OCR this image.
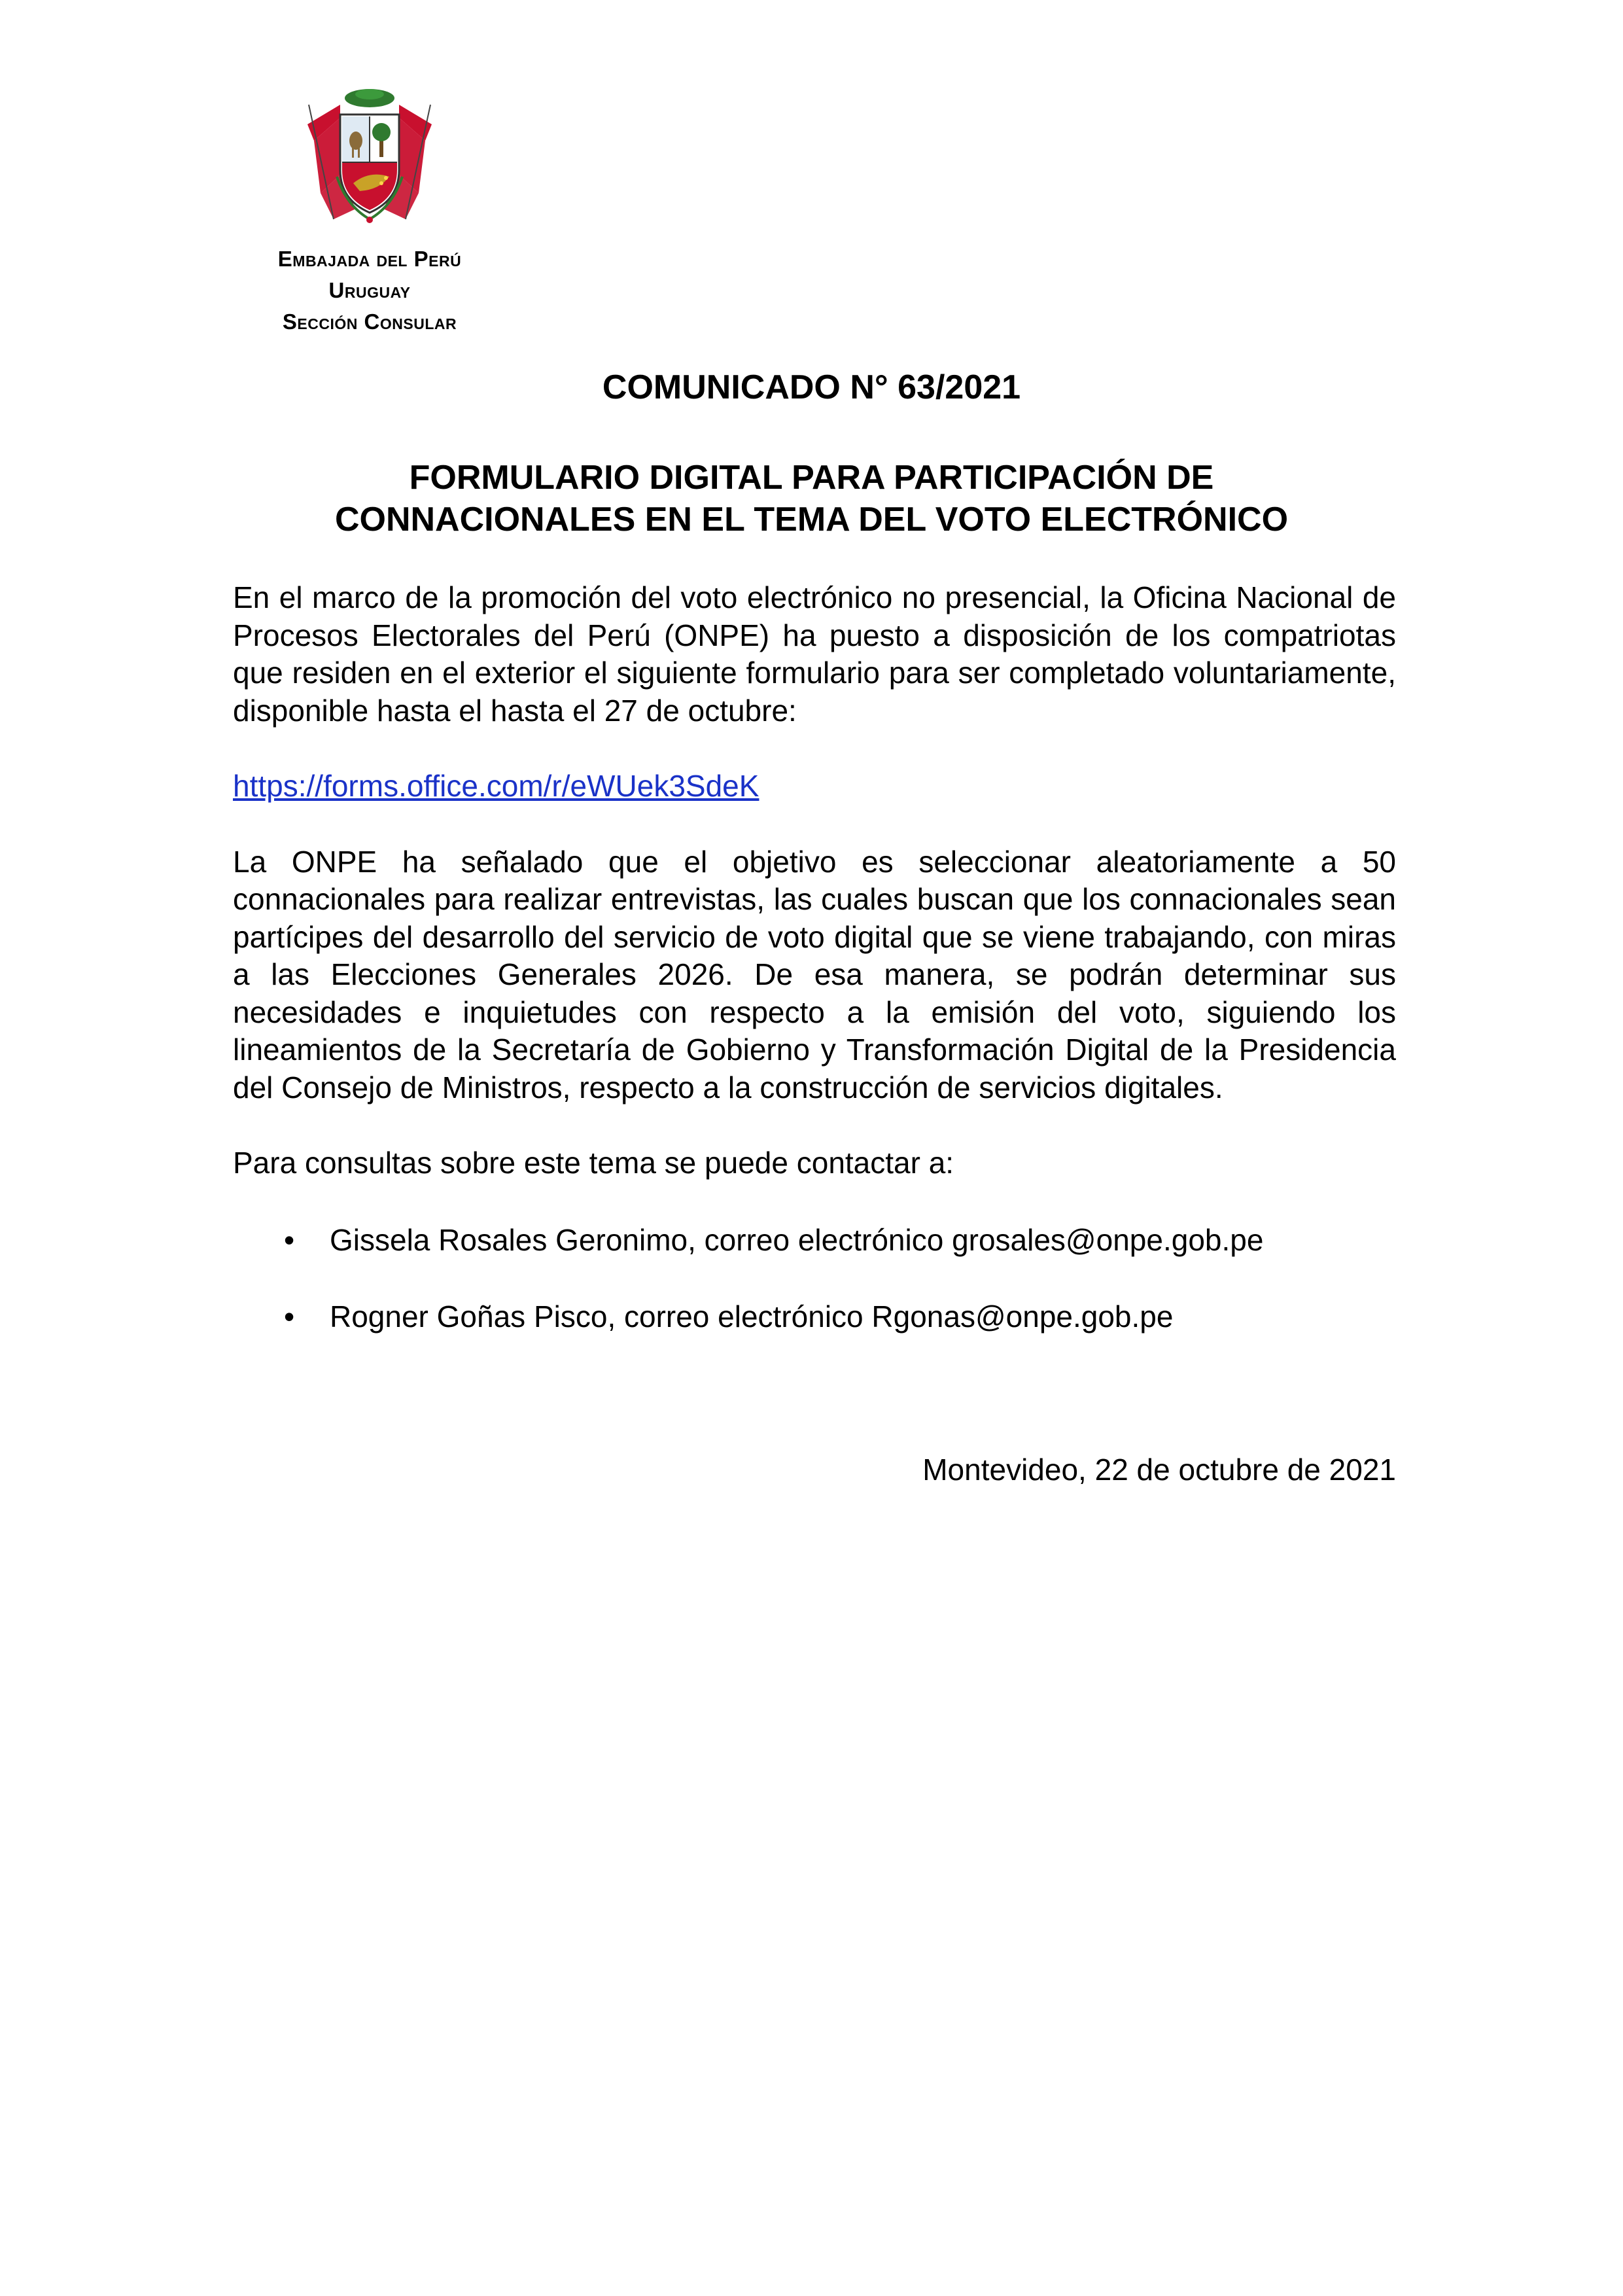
Embajada del Perú
Uruguay
Sección Consular
COMUNICADO N° 63/2021
FORMULARIO DIGITAL PARA PARTICIPACIÓN DE
CONNACIONALES EN EL TEMA DEL VOTO ELECTRÓNICO

En el marco de la promoción del voto electrónico no presencial, la Oficina Nacional de Procesos Electorales del Perú (ONPE) ha puesto a disposición de los compatriotas que residen en el exterior el siguiente formulario para ser completado voluntariamente, disponible hasta el hasta el 27 de octubre:

https://forms.office.com/r/eWUek3SdeK

La ONPE ha señalado que el objetivo es seleccionar aleatoriamente a 50 connacionales para realizar entrevistas, las cuales buscan que los connacionales sean partícipes del desarrollo del servicio de voto digital que se viene trabajando, con miras a las Elecciones Generales 2026. De esa manera, se podrán determinar sus necesidades e inquietudes con respecto a la emisión del voto, siguiendo los lineamientos de la Secretaría de Gobierno y Transformación Digital de la Presidencia del Consejo de Ministros, respecto a la construcción de servicios digitales.

Para consultas sobre este tema se puede contactar a:

• Gissela Rosales Geronimo, correo electrónico grosales@onpe.gob.pe
• Rogner Goñas Pisco, correo electrónico Rgonas@onpe.gob.pe
Montevideo, 22 de octubre de 2021
